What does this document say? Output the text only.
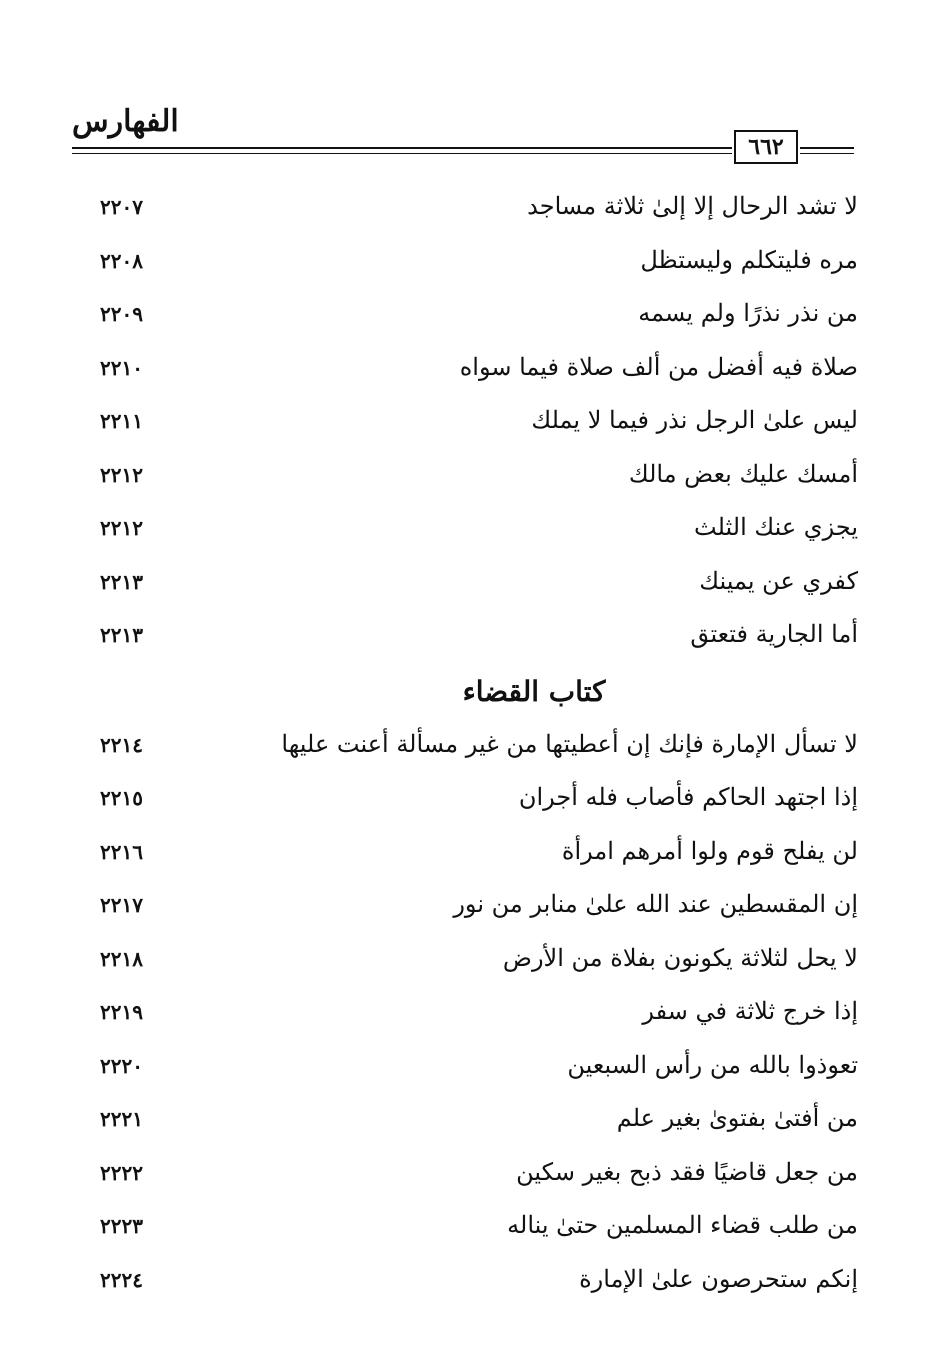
الفهارس
٦٦٢
لا تشد الرحال إلا إلىٰ ثلاثة مساجد
٢٢٠٧
مره فليتكلم وليستظل
٢٢٠٨
من نذر نذرًا ولم يسمه
٢٢٠٩
صلاة فيه أفضل من ألف صلاة فيما سواه
٢٢١٠
ليس علىٰ الرجل نذر فيما لا يملك
٢٢١١
أمسك عليك بعض مالك
٢٢١٢
يجزي عنك الثلث
٢٢١٢
كفري عن يمينك
٢٢١٣
أما الجارية فتعتق
٢٢١٣
كتاب القضاء
لا تسأل الإمارة فإنك إن أعطيتها من غير مسألة أعنت عليها
٢٢١٤
إذا اجتهد الحاكم فأصاب فله أجران
٢٢١٥
لن يفلح قوم ولوا أمرهم امرأة
٢٢١٦
إن المقسطين عند الله علىٰ منابر من نور
٢٢١٧
لا يحل لثلاثة يكونون بفلاة من الأرض
٢٢١٨
إذا خرج ثلاثة في سفر
٢٢١٩
تعوذوا بالله من رأس السبعين
٢٢٢٠
من أفتىٰ بفتوىٰ بغير علم
٢٢٢١
من جعل قاضيًا فقد ذبح بغير سكين
٢٢٢٢
من طلب قضاء المسلمين حتىٰ يناله
٢٢٢٣
إنكم ستحرصون علىٰ الإمارة
٢٢٢٤
